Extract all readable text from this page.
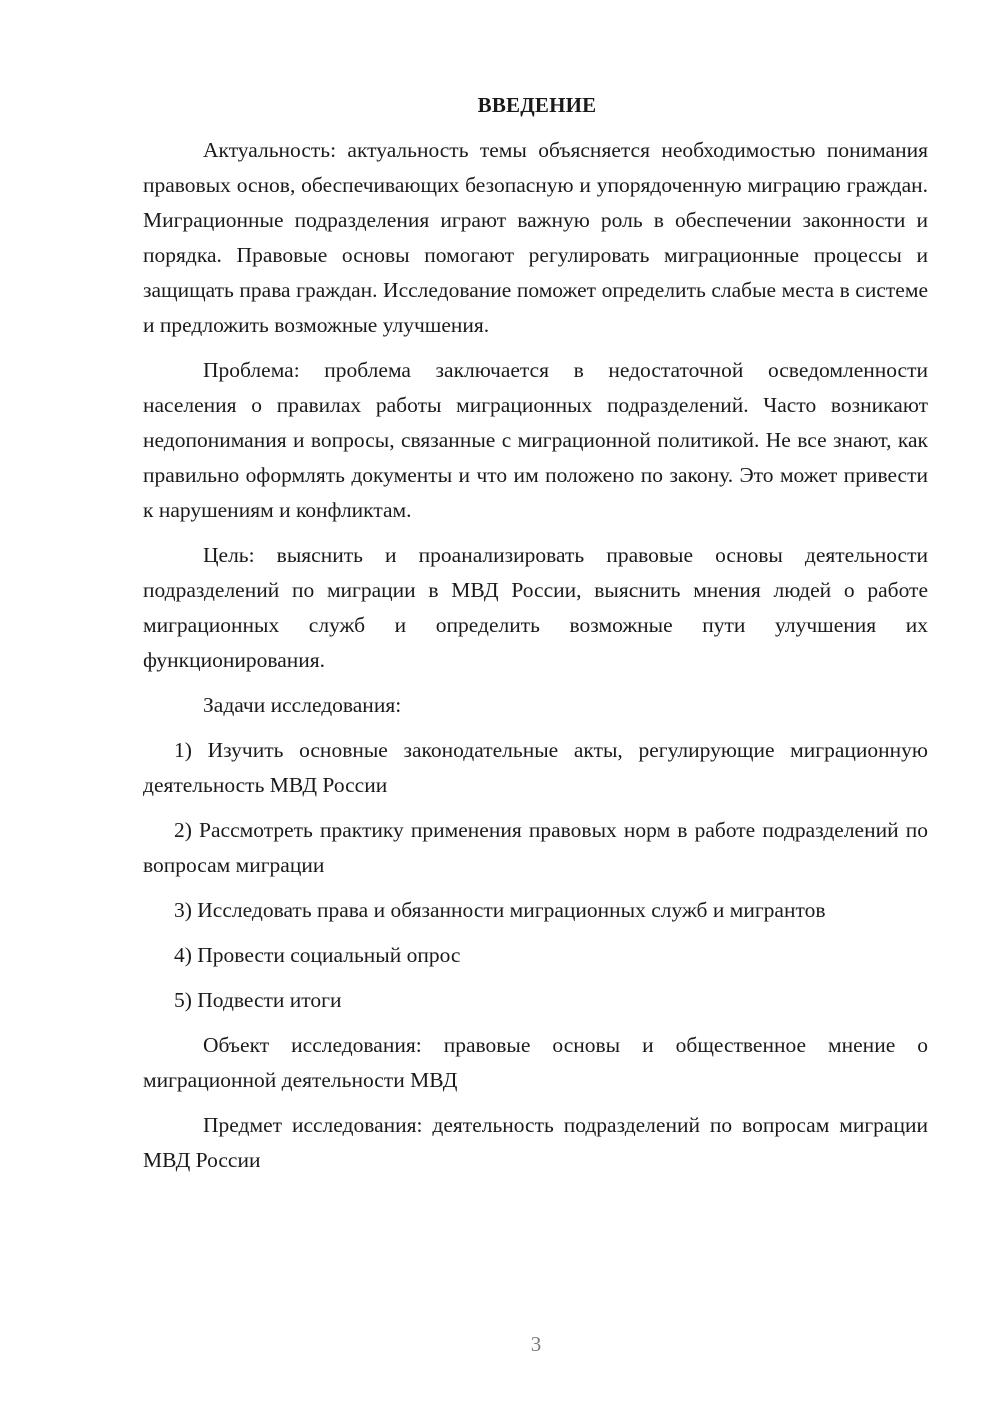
ВВЕДЕНИЕ

Актуальность: актуальность темы объясняется необходимостью понимания правовых основ, обеспечивающих безопасную и упорядоченную миграцию граждан. Миграционные подразделения играют важную роль в обеспечении законности и порядка. Правовые основы помогают регулировать миграционные процессы и защищать права граждан. Исследование поможет определить слабые места в системе и предложить возможные улучшения.

Проблема: проблема заключается в недостаточной осведомленности населения о правилах работы миграционных подразделений. Часто возникают недопонимания и вопросы, связанные с миграционной политикой. Не все знают, как правильно оформлять документы и что им положено по закону. Это может привести к нарушениям и конфликтам.

Цель: выяснить и проанализировать правовые основы деятельности подразделений по миграции в МВД России, выяснить мнения людей о работе миграционных служб и определить возможные пути улучшения их функционирования.

Задачи исследования:

1) Изучить основные законодательные акты, регулирующие миграционную деятельность МВД России

2) Рассмотреть практику применения правовых норм в работе подразделений по вопросам миграции

3) Исследовать права и обязанности миграционных служб и мигрантов

4) Провести социальный опрос

5) Подвести итоги

Объект исследования: правовые основы и общественное мнение о миграционной деятельности МВД

Предмет исследования: деятельность подразделений по вопросам миграции МВД России

3
